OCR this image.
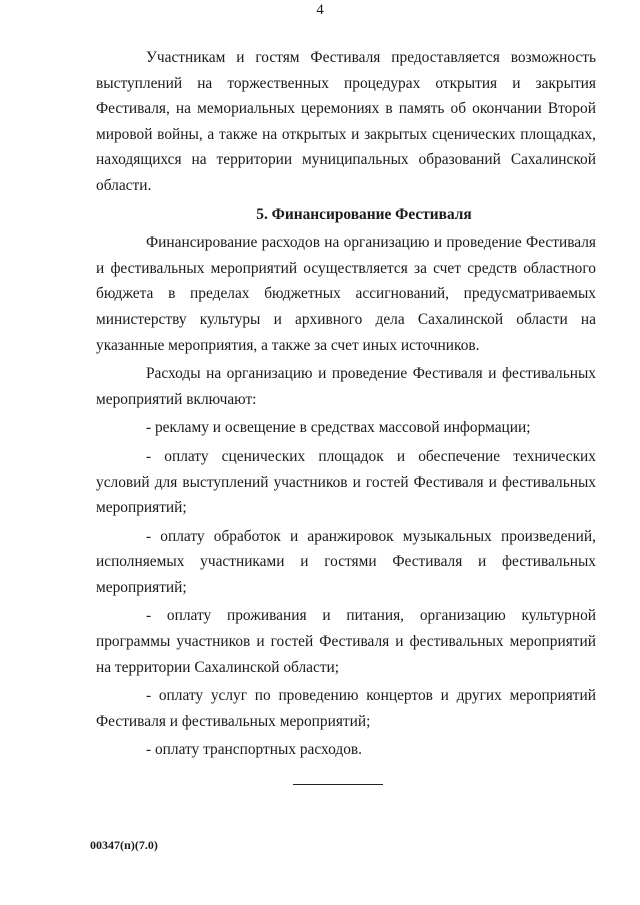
4

Участникам и гостям Фестиваля предоставляется возможность выступлений на торжественных процедурах открытия и закрытия Фестиваля, на мемориальных церемониях в память об окончании Второй мировой войны, а также на открытых и закрытых сценических площадках, находящихся на территории муниципальных образований Сахалинской области.

5. Финансирование Фестиваля

Финансирование расходов на организацию и проведение Фестиваля и фестивальных мероприятий осуществляется за счет средств областного бюджета в пределах бюджетных ассигнований, предусматриваемых министерству культуры и архивного дела Сахалинской области на указанные мероприятия, а также за счет иных источников.

Расходы на организацию и проведение Фестиваля и фестивальных мероприятий включают:

- рекламу и освещение в средствах массовой информации;

- оплату сценических площадок и обеспечение технических условий для выступлений участников и гостей Фестиваля и фестивальных мероприятий;

- оплату обработок и аранжировок музыкальных произведений, исполняемых участниками и гостями Фестиваля и фестивальных мероприятий;

- оплату проживания и питания, организацию культурной программы участников и гостей Фестиваля и фестивальных мероприятий на территории Сахалинской области;

- оплату услуг по проведению концертов и других мероприятий Фестиваля и фестивальных мероприятий;

- оплату транспортных расходов.

00347(п)(7.0)
